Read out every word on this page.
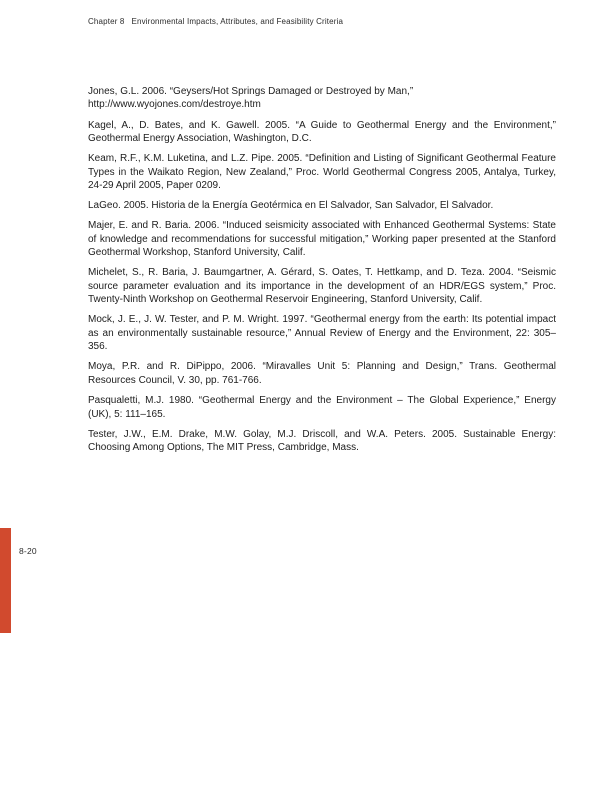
Chapter 8 Environmental Impacts, Attributes, and Feasibility Criteria

Jones, G.L. 2006. “Geysers/Hot Springs Damaged or Destroyed by Man,”
http://www.wyojones.com/destroye.htm

Kagel, A., D. Bates, and K. Gawell. 2005. “A Guide to Geothermal Energy and the Environment,” Geothermal Energy Association, Washington, D.C.

Keam, R.F., K.M. Luketina, and L.Z. Pipe. 2005. “Definition and Listing of Significant Geothermal Feature Types in the Waikato Region, New Zealand,” Proc. World Geothermal Congress 2005, Antalya, Turkey, 24-29 April 2005, Paper 0209.

LaGeo. 2005. Historia de la Energía Geotérmica en El Salvador, San Salvador, El Salvador.

Majer, E. and R. Baria. 2006. “Induced seismicity associated with Enhanced Geothermal Systems: State of knowledge and recommendations for successful mitigation,” Working paper presented at the Stanford Geothermal Workshop, Stanford University, Calif.

Michelet, S., R. Baria, J. Baumgartner, A. Gérard, S. Oates, T. Hettkamp, and D. Teza. 2004. “Seismic source parameter evaluation and its importance in the development of an HDR/EGS system,” Proc. Twenty-Ninth Workshop on Geothermal Reservoir Engineering, Stanford University, Calif.

Mock, J. E., J. W. Tester, and P. M. Wright. 1997. “Geothermal energy from the earth: Its potential impact as an environmentally sustainable resource,” Annual Review of Energy and the Environment, 22: 305–356.

Moya, P.R. and R. DiPippo, 2006. “Miravalles Unit 5: Planning and Design,” Trans. Geothermal Resources Council, V. 30, pp. 761-766.

Pasqualetti, M.J. 1980. “Geothermal Energy and the Environment – The Global Experience,” Energy (UK), 5: 111–165.

Tester, J.W., E.M. Drake, M.W. Golay, M.J. Driscoll, and W.A. Peters. 2005. Sustainable Energy: Choosing Among Options, The MIT Press, Cambridge, Mass.

8-20
